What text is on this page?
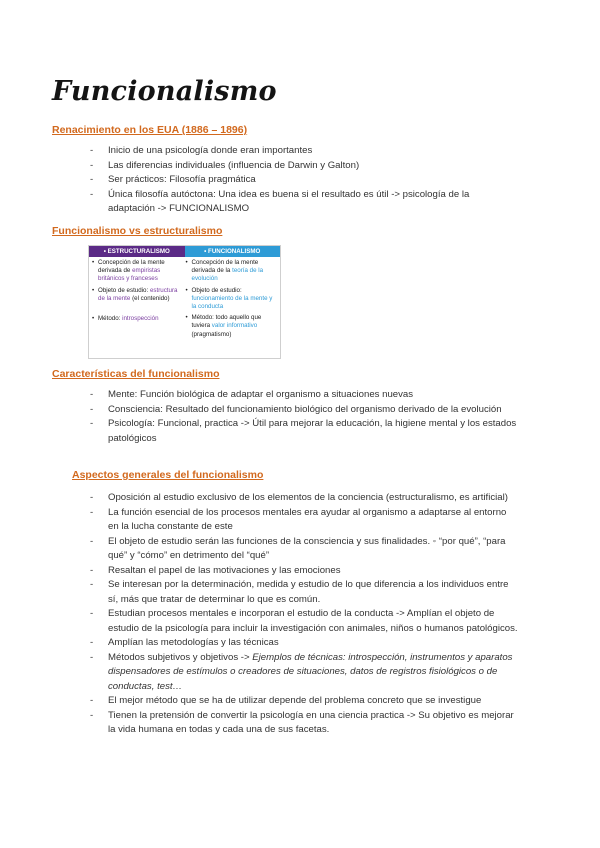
Funcionalismo
Renacimiento en los EUA (1886 – 1896)
- Inicio de una psicología donde eran importantes
- Las diferencias individuales (influencia de Darwin y Galton)
- Ser prácticos: Filosofía pragmática
- Única filosofía autóctona: Una idea es buena si el resultado es útil -> psicología de la adaptación -> FUNCIONALISMO
Funcionalismo vs estructuralismo
• ESTRUCTURALISMO	• FUNCIONALISMO
• Concepción de la mente derivada de empiristas británicos y franceses
• Objeto de estudio: estructura de la mente (el contenido)
• Método: introspección
• Concepción de la mente derivada de la teoría de la evolución
• Objeto de estudio: funcionamiento de la mente y la conducta
• Método: todo aquello que tuviera valor informativo (pragmatismo)
Características del funcionalismo
- Mente: Función biológica de adaptar el organismo a situaciones nuevas
- Consciencia: Resultado del funcionamiento biológico del organismo derivado de la evolución
- Psicología: Funcional, practica -> Útil para mejorar la educación, la higiene mental y los estados patológicos
Aspectos generales del funcionalismo
- Oposición al estudio exclusivo de los elementos de la conciencia (estructuralismo, es artificial)
- La función esencial de los procesos mentales era ayudar al organismo a adaptarse al entorno en la lucha constante de este
- El objeto de estudio serán las funciones de la consciencia y sus finalidades. ◦ “por qué”, “para qué” y “cómo” en detrimento del “qué”
- Resaltan el papel de las motivaciones y las emociones
- Se interesan por la determinación, medida y estudio de lo que diferencia a los individuos entre sí, más que tratar de determinar lo que es común.
- Estudian procesos mentales e incorporan el estudio de la conducta -> Amplían el objeto de estudio de la psicología para incluir la investigación con animales, niños o humanos patológicos.
- Amplían las metodologías y las técnicas
- Métodos subjetivos y objetivos -> Ejemplos de técnicas: introspección, instrumentos y aparatos dispensadores de estímulos o creadores de situaciones, datos de registros fisiológicos o de conductas, test…
- El mejor método que se ha de utilizar depende del problema concreto que se investigue
- Tienen la pretensión de convertir la psicología en una ciencia practica -> Su objetivo es mejorar la vida humana en todas y cada una de sus facetas.
